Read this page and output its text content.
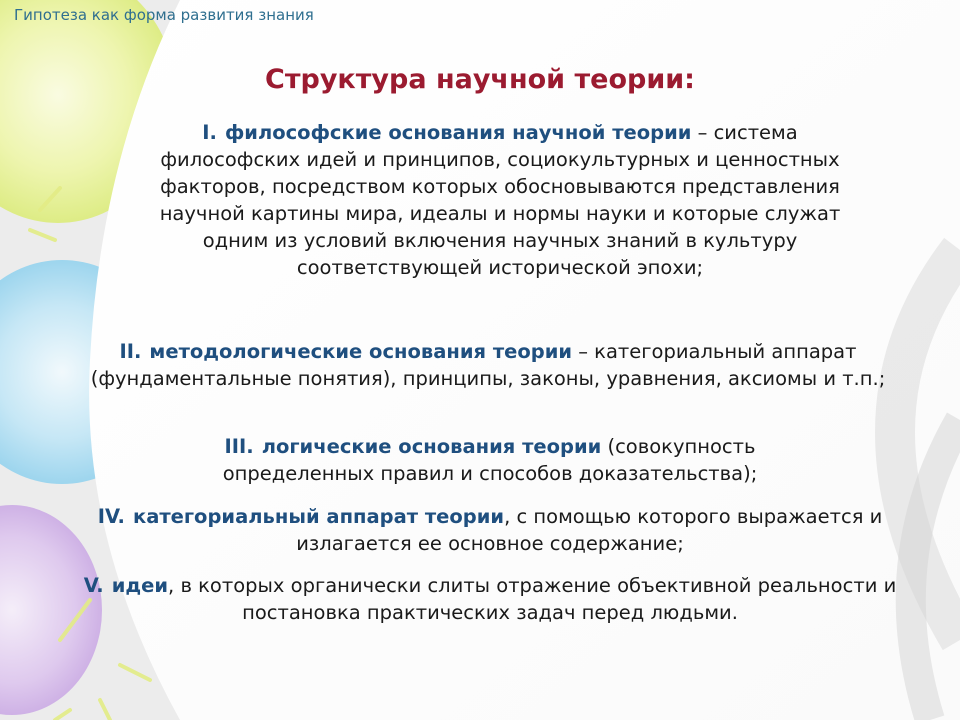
Гипотеза как форма развития знания
Структура научной теории:
I. философские основания научной теории – система философских идей и принципов, социокультурных и ценностных факторов, посредством которых обосновываются представления научной картины мира, идеалы и нормы науки и которые служат одним из условий включения научных знаний в культуру соответствующей исторической эпохи;
II. методологические основания теории – категориальный аппарат (фундаментальные понятия), принципы, законы, уравнения, аксиомы и т.п.;
III. логические основания теории (совокупность определенных правил и способов доказательства);
IV. категориальный аппарат теории, с помощью которого выражается и излагается ее основное содержание;
V. идеи, в которых органически слиты отражение объективной реальности и постановка практических задач перед людьми.
